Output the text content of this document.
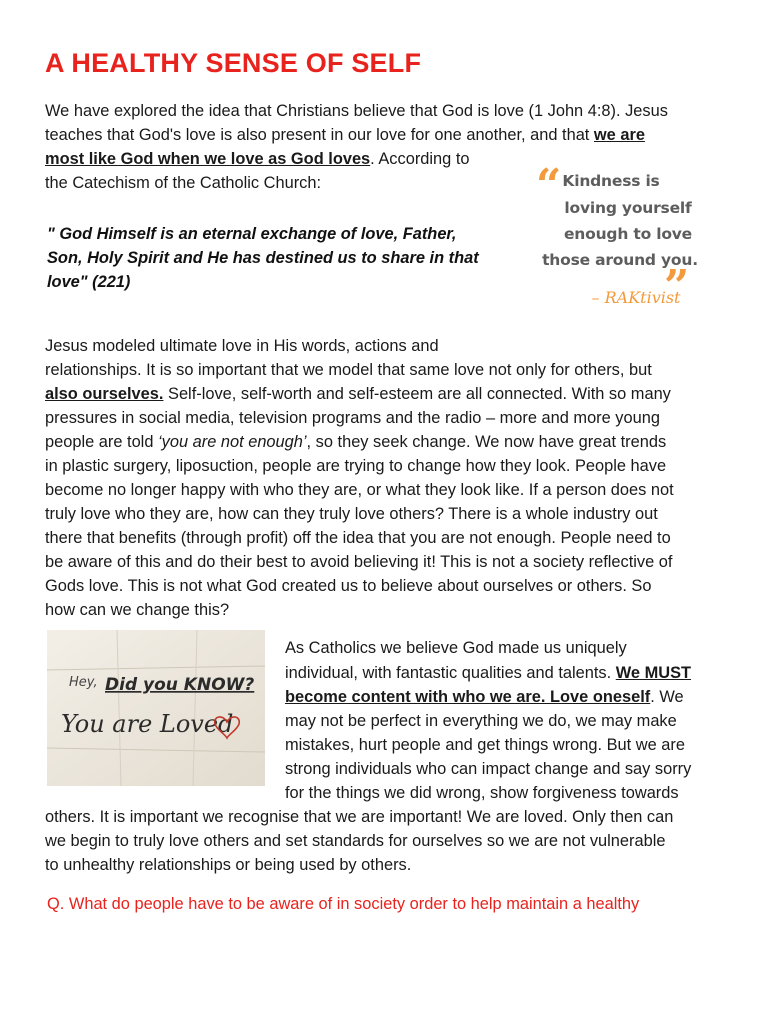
A HEALTHY SENSE OF SELF

We have explored the idea that Christians believe that God is love (1 John 4:8). Jesus

teaches that God's love is also present in our love for one another, and that we are

most like God when we love as God loves. According to

the Catechism of the Catholic Church:

" God Himself is an eternal exchange of love, Father,
Son, Holy Spirit and He has destined us to share in that
love" (221)
“ Kindness is
loving yourself
enough to love
those around you.
”
– RAKtivist

Jesus modeled ultimate love in His words, actions and

relationships. It is so important that we model that same love not only for others, but

also ourselves. Self-love, self-worth and self-esteem are all connected. With so many

pressures in social media, television programs and the radio – more and more young

people are told ‘you are not enough’, so they seek change. We now have great trends

in plastic surgery, liposuction, people are trying to change how they look. People have

become no longer happy with who they are, or what they look like. If a person does not

truly love who they are, how can they truly love others? There is a whole industry out

there that benefits (through profit) off the idea that you are not enough. People need to

be aware of this and do their best to avoid believing it! This is not a society reflective of

Gods love. This is not what God created us to believe about ourselves or others. So

how can we change this?

Hey, Did you KNOW?
You are Loved

As Catholics we believe God made us uniquely

individual, with fantastic qualities and talents. We MUST

become content with who we are. Love oneself. We

may not be perfect in everything we do, we may make

mistakes, hurt people and get things wrong. But we are

strong individuals who can impact change and say sorry

for the things we did wrong, show forgiveness towards

others. It is important we recognise that we are important! We are loved. Only then can

we begin to truly love others and set standards for ourselves so we are not vulnerable

to unhealthy relationships or being used by others.

Q. What do people have to be aware of in society order to help maintain a healthy
